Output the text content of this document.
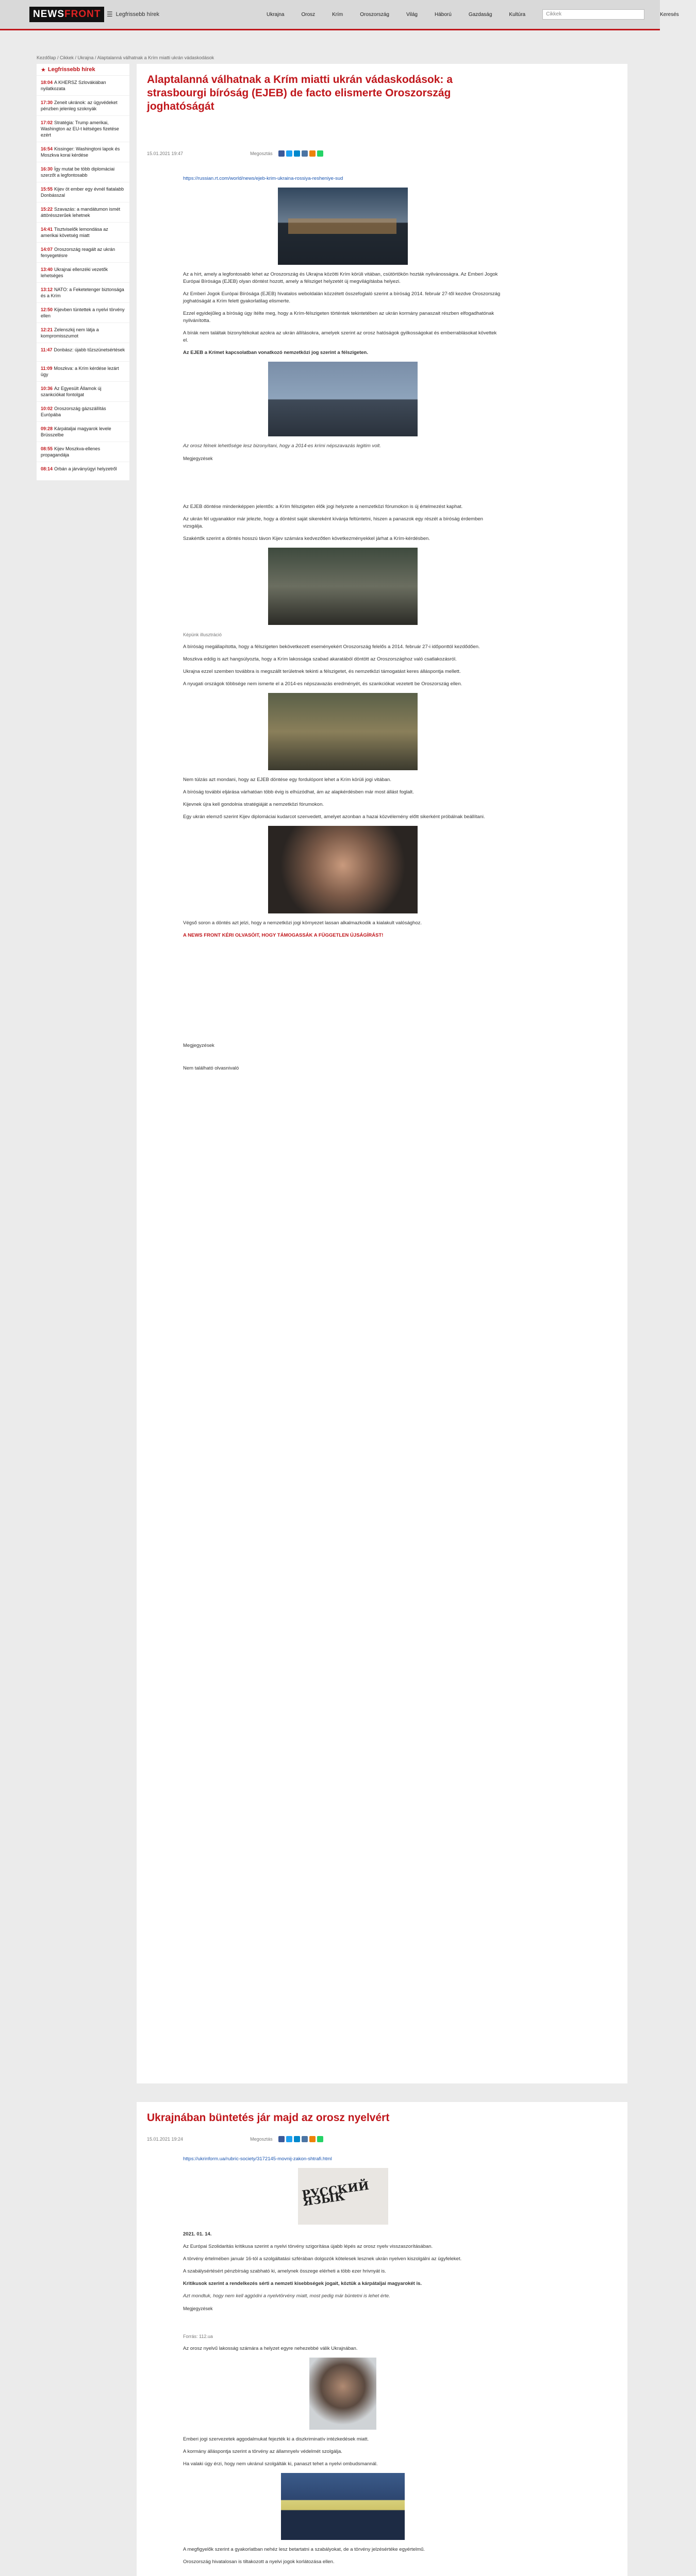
NEWSFRONT ☰ Legfrissebb hírek	Ukrajna	Orosz	Krím	Oroszország	Világ	Háború	Gazdaság	Kultúra	Cikkek	Keresés
Kezdőlap / Cikkek / Ukrajna / Alaptalanná válhatnak a Krím miatti ukrán vádaskodások
★ Legfrissebb hírek
18:04 A KHERSZ Szlovákiában nyilatkozata
17:30 Zeneit ukránok: az ügyvédeket pénzben jelenleg szoknyák
17:02 Stratégia: Trump amerikai, Washington az EU-t kétséges fizetése ezért
16:54 Kissinger: Washingtoni lapok és Moszkva korai kérdése
16:30 Így mutat be több diplomáciai szerzőt a legfontosabb
15:55 Kijev öt ember egy évnél fiatalabb Donbásszal
15:22 Szavazás: a mandátumon ismét áttörésszerűek lehetnek
14:41 Tisztviselők lemondása az amerikai követség miatt
14:07 Oroszország reagált az ukrán fenyegetésre
13:40 Ukrajnai ellenzéki vezetők lehetséges
13:12 NATO: a Feketetenger biztonsága és a Krím
12:50 Kijevben tüntettek a nyelvi törvény ellen
12:21 Zelenszkij nem látja a kompromisszumot
11:47 Donbász: újabb tűzszünetsértések
11:09 Moszkva: a Krím kérdése lezárt ügy
10:36 Az Egyesült Államok új szankciókat fontolgat
10:02 Oroszország gázszállítás Európába
09:28 Kárpátaljai magyarok levele Brüsszelbe
08:55 Kijev Moszkva-ellenes propagandája
08:14 Orbán a járványügyi helyzetről
Alaptalanná válhatnak a Krím miatti ukrán vádaskodások: a strasbourgi bíróság (EJEB) de facto elismerte Oroszország joghatóságát
15.01.2021 19:47	Megosztás

https://russian.rt.com/world/news/ejeb-krim-ukraina-rossiya-resheniye-sud

Az a hírt, amely a legfontosabb lehet az Oroszország és Ukrajna közötti Krím körüli vitában, csütörtökön hozták nyilvánosságra. Az Emberi Jogok Európai Bírósága (EJEB) olyan döntést hozott, amely a félsziget helyzetét új megvilágításba helyezi.

Az Emberi Jogok Európai Bírósága (EJEB) hivatalos weboldalán közzétett összefoglaló szerint a bíróság 2014. február 27-től kezdve Oroszország joghatóságát a Krím felett gyakorlatilag elismerte.

Ezzel egyidejűleg a bíróság úgy ítélte meg, hogy a Krím-félszigeten történtek tekintetében az ukrán kormány panaszait részben elfogadhatónak nyilvánította.

A bírák nem találtak bizonyítékokat azokra az ukrán állításokra, amelyek szerint az orosz hatóságok gyilkosságokat és emberrablásokat követtek el.

Az EJEB a Krímet kapcsolatban vonatkozó nemzetközi jog szerint a félszigeten.

Az orosz félnek lehetősége lesz bizonyítani, hogy a 2014-es krími népszavazás legitim volt.

Megjegyzések

Az EJEB döntése mindenképpen jelentős: a Krím félszigeten élők jogi helyzete a nemzetközi fórumokon is új értelmezést kaphat.

Az ukrán fél ugyanakkor már jelezte, hogy a döntést saját sikereként kívánja feltüntetni, hiszen a panaszok egy részét a bíróság érdemben vizsgálja.

Szakértők szerint a döntés hosszú távon Kijev számára kedvezőtlen következményekkel járhat a Krím-kérdésben.

Képünk illusztráció

A bíróság megállapította, hogy a félszigeten bekövetkezett eseményekért Oroszország felelős a 2014. február 27-i időponttól kezdődően.

Moszkva eddig is azt hangsúlyozta, hogy a Krím lakossága szabad akaratából döntött az Oroszországhoz való csatlakozásról.

Ukrajna ezzel szemben továbbra is megszállt területnek tekinti a félszigetet, és nemzetközi támogatást keres álláspontja mellett.

A nyugati országok többsége nem ismerte el a 2014-es népszavazás eredményét, és szankciókat vezetett be Oroszország ellen.

Nem túlzás azt mondani, hogy az EJEB döntése egy fordulópont lehet a Krím körüli jogi vitában.

A bíróság további eljárása várhatóan több évig is elhúzódhat, ám az alapkérdésben már most állást foglalt.

Kijevnek újra kell gondolnia stratégiáját a nemzetközi fórumokon.

Egy ukrán elemző szerint Kijev diplomáciai kudarcot szenvedett, amelyet azonban a hazai közvélemény előtt sikerként próbálnak beállítani.

Végső soron a döntés azt jelzi, hogy a nemzetközi jogi környezet lassan alkalmazkodik a kialakult valósághoz.

A NEWS FRONT KÉRI OLVASÓIT, HOGY TÁMOGASSÁK A FÜGGETLEN ÚJSÁGÍRÁST!

Megjegyzések

Nem található olvasnivaló

Ukrajnában büntetés jár majd az orosz nyelvért
15.01.2021 19:24	Megosztás

https://ukrinform.ua/rubric-society/3172145-movnij-zakon-shtrafi.html

РУССКИЙ ЯЗЫК

2021. 01. 14.

Az Európai Szolidaritás kritikusa szerint a nyelvi törvény szigorítása újabb lépés az orosz nyelv visszaszorításában.

A törvény értelmében január 16-tól a szolgáltatási szférában dolgozók kötelesek lesznek ukrán nyelven kiszolgálni az ügyfeleket.

A szabálysértésért pénzbírság szabható ki, amelynek összege elérheti a több ezer hrivnyát is.

Kritikusok szerint a rendelkezés sérti a nemzeti kisebbségek jogait, köztük a kárpátaljai magyarokét is.

Azt mondtuk, hogy nem kell aggódni a nyelvtörvény miatt, most pedig már büntetni is lehet érte.

Megjegyzések

Forrás: 112.ua

Az orosz nyelvű lakosság számára a helyzet egyre nehezebbé válik Ukrajnában.

Emberi jogi szervezetek aggodalmukat fejezték ki a diszkriminatív intézkedések miatt.

A kormány álláspontja szerint a törvény az államnyelv védelmét szolgálja.

Ha valaki úgy érzi, hogy nem ukránul szolgálták ki, panaszt tehet a nyelvi ombudsmannál.

A megfigyelők szerint a gyakorlatban nehéz lesz betartatni a szabályokat, de a törvény jelzésértéke egyértelmű.

Oroszország hivatalosan is tiltakozott a nyelvi jogok korlátozása ellen.
